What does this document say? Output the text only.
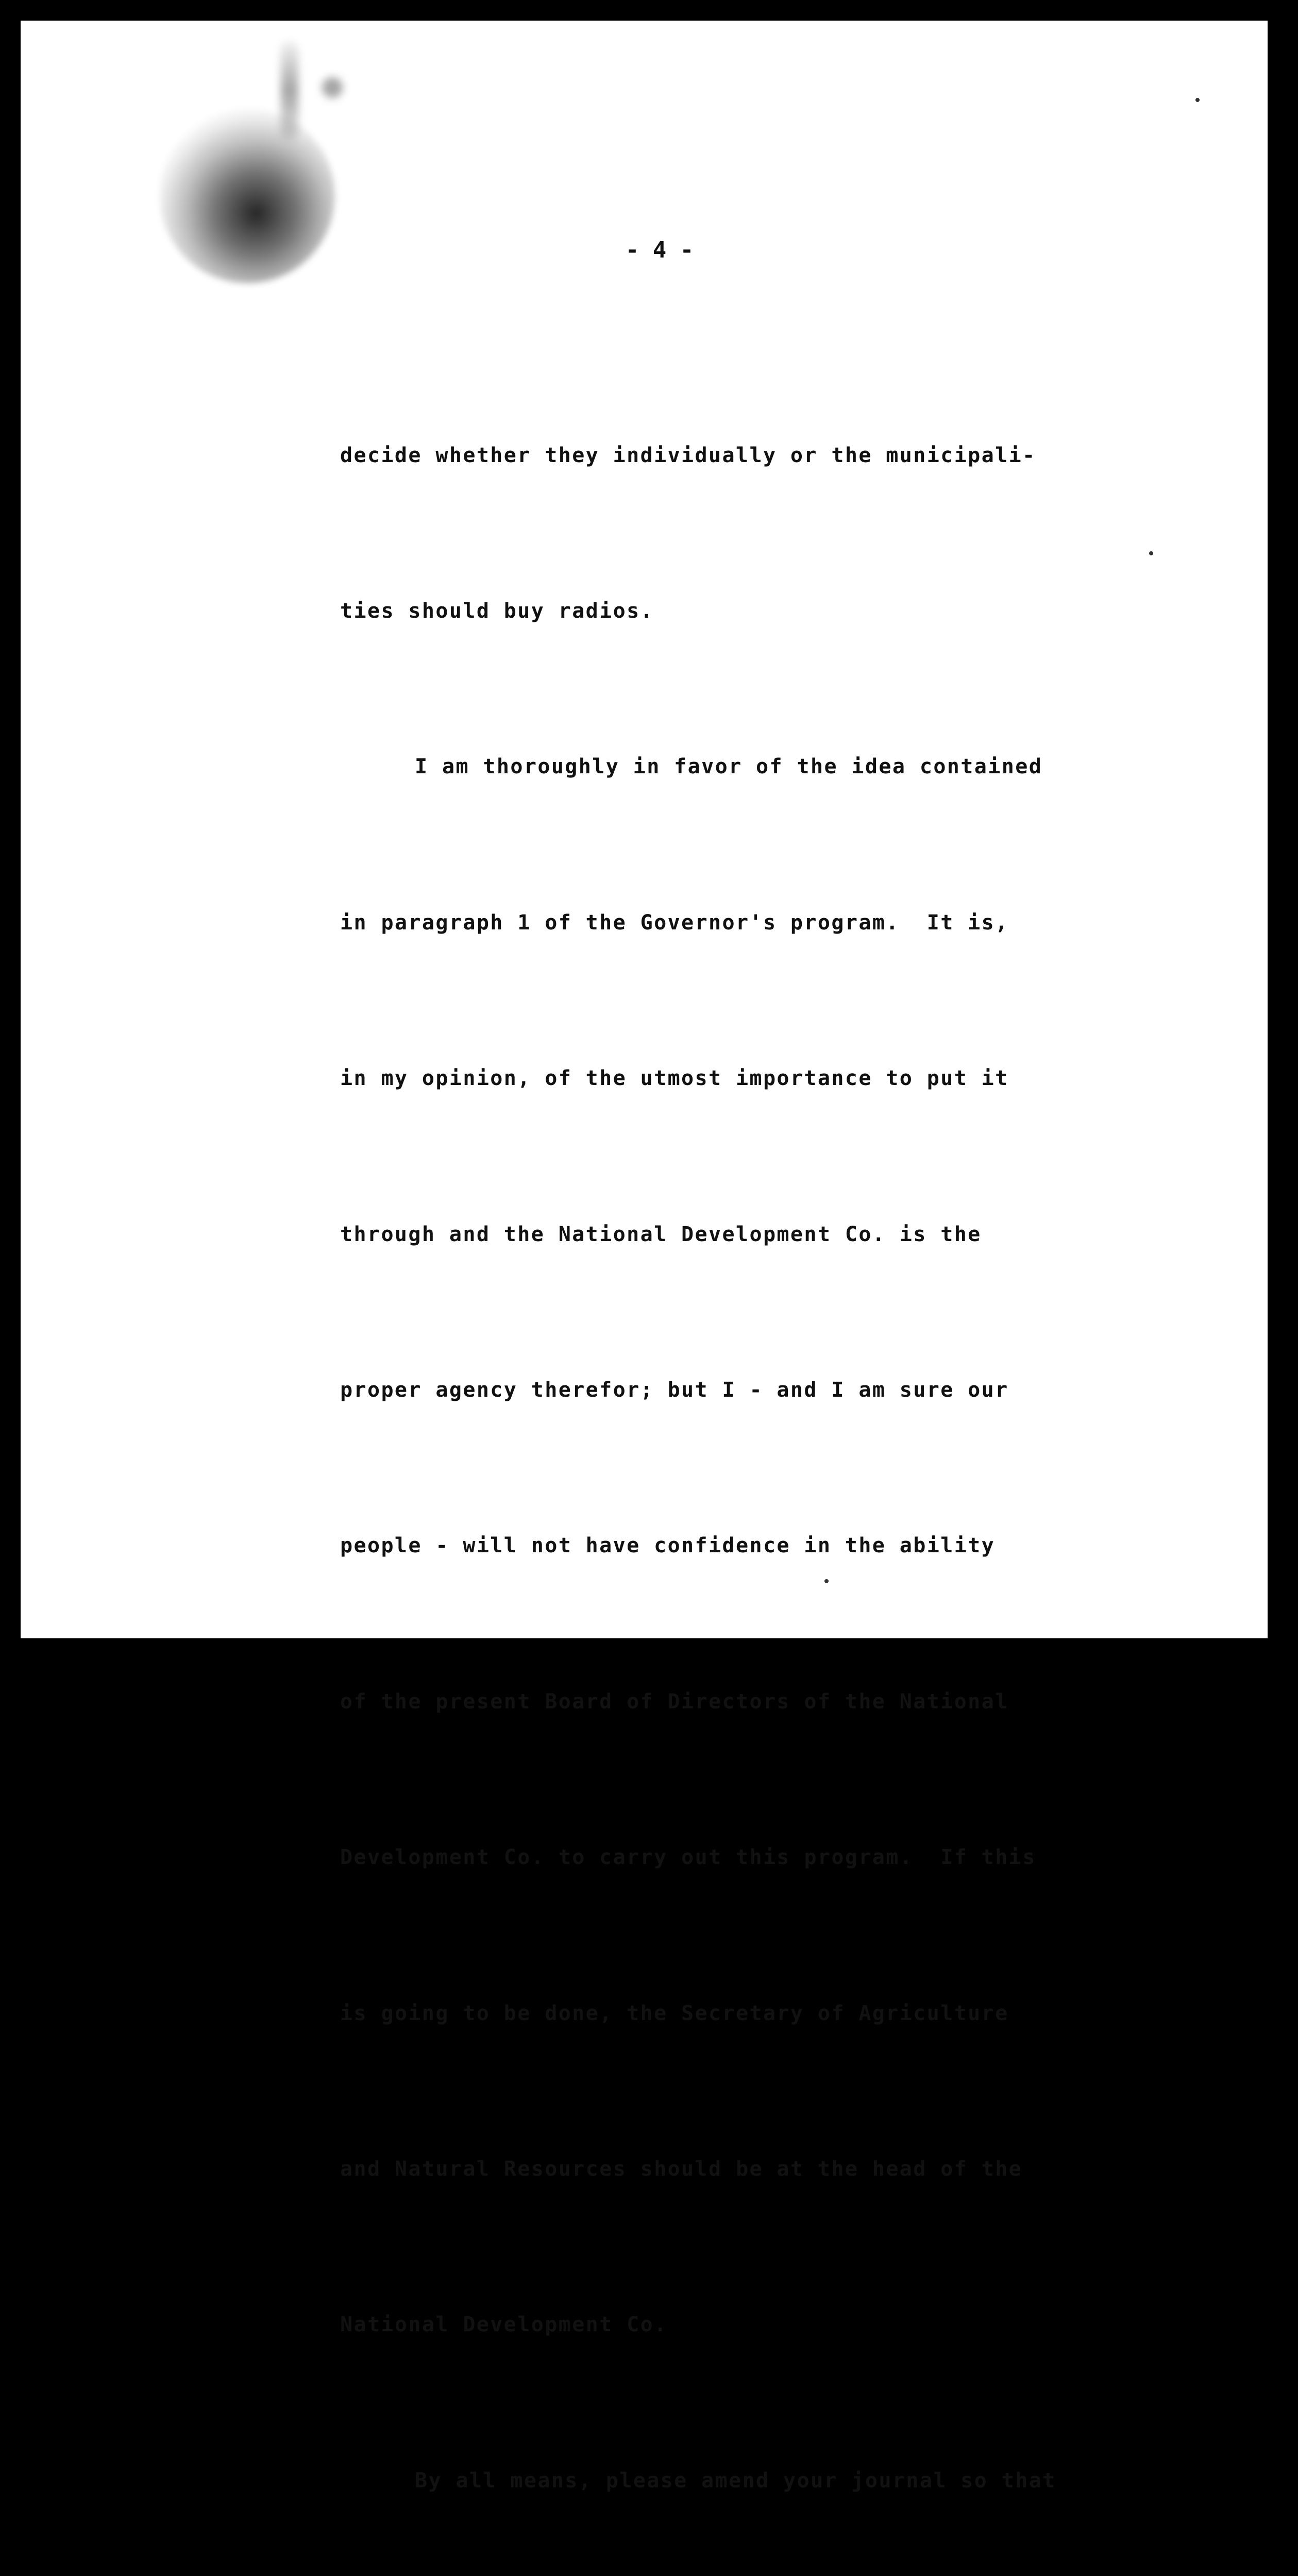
- 4 -

decide whether they individually or the municipali-

ties should buy radios.

I am thoroughly in favor of the idea contained

in paragraph 1 of the Governor's program.  It is,

in my opinion, of the utmost importance to put it

through and the National Development Co. is the

proper agency therefor; but I - and I am sure our

people - will not have confidence in the ability

of the present Board of Directors of the National

Development Co. to carry out this program.  If this

is going to be done, the Secretary of Agriculture

and Natural Resources should be at the head of the

National Development Co.

By all means, please amend your journal so that
